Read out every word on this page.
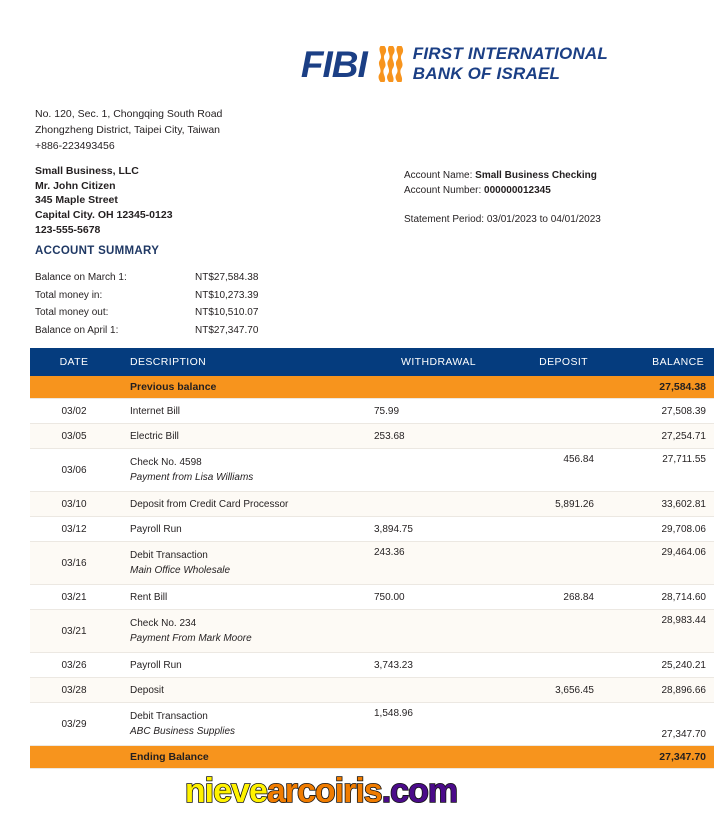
FIBI	FIRST INTERNATIONAL
BANK OF ISRAEL
No. 120, Sec. 1, Chongqing South Road
Zhongzheng District, Taipei City, Taiwan
+886-223493456
Small Business, LLC
Mr. John Citizen
345 Maple Street
Capital City. OH 12345-0123
123-555-5678
Account Name: Small Business Checking
Account Number: 000000012345
Statement Period: 03/01/2023 to 04/01/2023
ACCOUNT SUMMARY
Balance on March 1:	NT$27,584.38
Total money in:	NT$10,273.39
Total money out:	NT$10,510.07
Balance on April 1:	NT$27,347.70
DATE	DESCRIPTION	WITHDRAWAL	DEPOSIT	BALANCE
	Previous balance			27,584.38
03/02	Internet Bill	75.99		27,508.39
03/05	Electric Bill	253.68		27,254.71
03/06	Check No. 4598
Payment from Lisa Williams		456.84	27,711.55
03/10	Deposit from Credit Card Processor		5,891.26	33,602.81
03/12	Payroll Run	3,894.75		29,708.06
03/16	Debit Transaction
Main Office Wholesale	243.36		29,464.06
03/21	Rent Bill	750.00	268.84	28,714.60
03/21	Check No. 234
Payment From Mark Moore			28,983.44
03/26	Payroll Run	3,743.23		25,240.21
03/28	Deposit		3,656.45	28,896.66
03/29	Debit Transaction
ABC Business Supplies	1,548.96		27,347.70
	Ending Balance			27,347.70
nievearcoiris.com
